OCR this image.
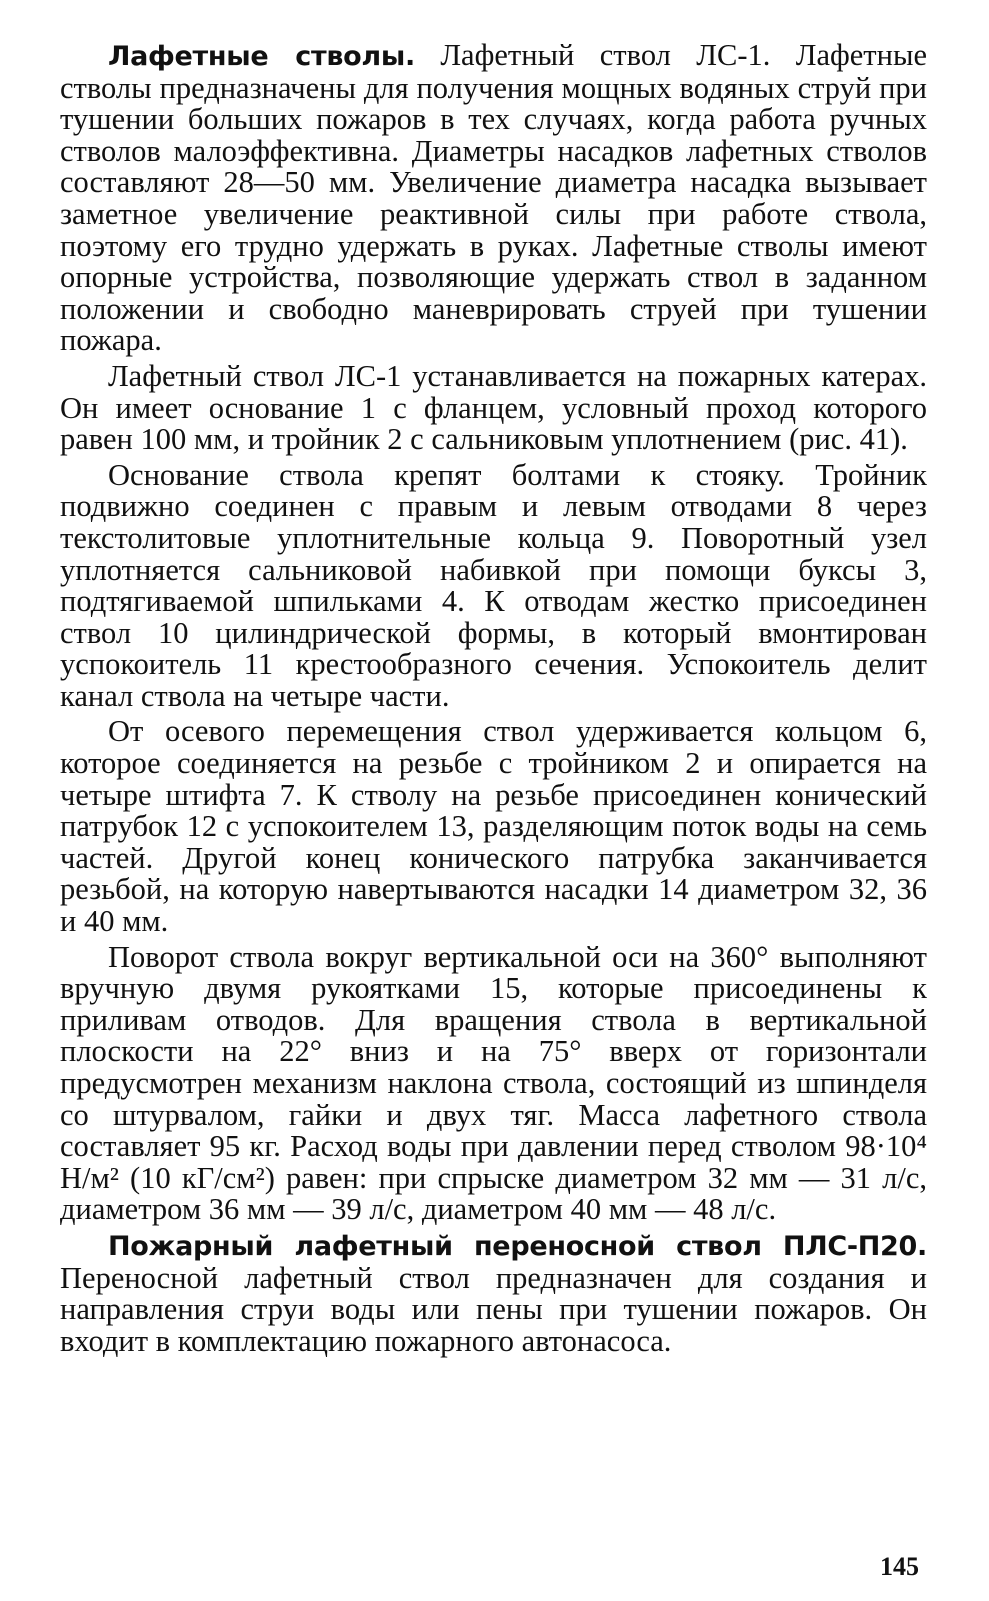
Лафетные стволы. Лафетный ствол ЛС-1. Лафетные стволы предназначены для получения мощных водяных струй при тушении больших пожаров в тех случаях, когда работа ручных стволов малоэффективна. Диаметры насадков лафетных стволов составляют 28—50 мм. Увеличение диаметра насадка вызывает заметное увеличение реактивной силы при работе ствола, поэтому его трудно удержать в руках. Лафетные стволы имеют опорные устройства, позволяющие удержать ствол в заданном положении и свободно маневрировать струей при тушении пожара.

Лафетный ствол ЛС-1 устанавливается на пожарных катерах. Он имеет основание 1 с фланцем, условный проход которого равен 100 мм, и тройник 2 с сальниковым уплотнением (рис. 41).

Основание ствола крепят болтами к стояку. Тройник подвижно соединен с правым и левым отводами 8 через текстолитовые уплотнительные кольца 9. Поворотный узел уплотняется сальниковой набивкой при помощи буксы 3, подтягиваемой шпильками 4. К отводам жестко присоединен ствол 10 цилиндрической формы, в который вмонтирован успокоитель 11 крестообразного сечения. Успокоитель делит канал ствола на четыре части.

От осевого перемещения ствол удерживается кольцом 6, которое соединяется на резьбе с тройником 2 и опирается на четыре штифта 7. К стволу на резьбе присоединен конический патрубок 12 с успокоителем 13, разделяющим поток воды на семь частей. Другой конец конического патрубка заканчивается резьбой, на которую навертываются насадки 14 диаметром 32, 36 и 40 мм.

Поворот ствола вокруг вертикальной оси на 360° выполняют вручную двумя рукоятками 15, которые присоединены к приливам отводов. Для вращения ствола в вертикальной плоскости на 22° вниз и на 75° вверх от горизонтали предусмотрен механизм наклона ствола, состоящий из шпинделя со штурвалом, гайки и двух тяг. Масса лафетного ствола составляет 95 кг. Расход воды при давлении перед стволом 98·10⁴ Н/м² (10 кГ/см²) равен: при спрыске диаметром 32 мм — 31 л/с, диаметром 36 мм — 39 л/с, диаметром 40 мм — 48 л/с.

Пожарный лафетный переносной ствол ПЛС-П20. Переносной лафетный ствол предназначен для создания и направления струи воды или пены при тушении пожаров. Он входит в комплектацию пожарного автонасоса.

145
